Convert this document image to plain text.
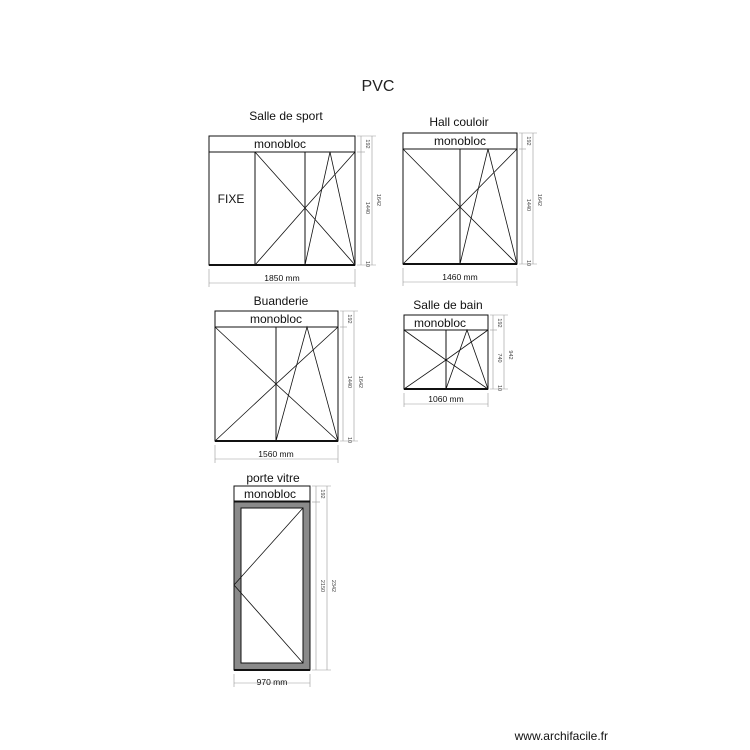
PVC
Salle de sport
monobloc
FIXE
192
1440
1642
10
1850 mm
Hall couloir
monobloc	192
1440 1642
10
1460 mm
Buanderie
monobloc	192
1440 1642
10
1560 mm
Salle de bain
monobloc	192
740 942
10
1060 mm
porte vitre
monobloc	192
2150 2342
970 mm
www.archifacile.fr
